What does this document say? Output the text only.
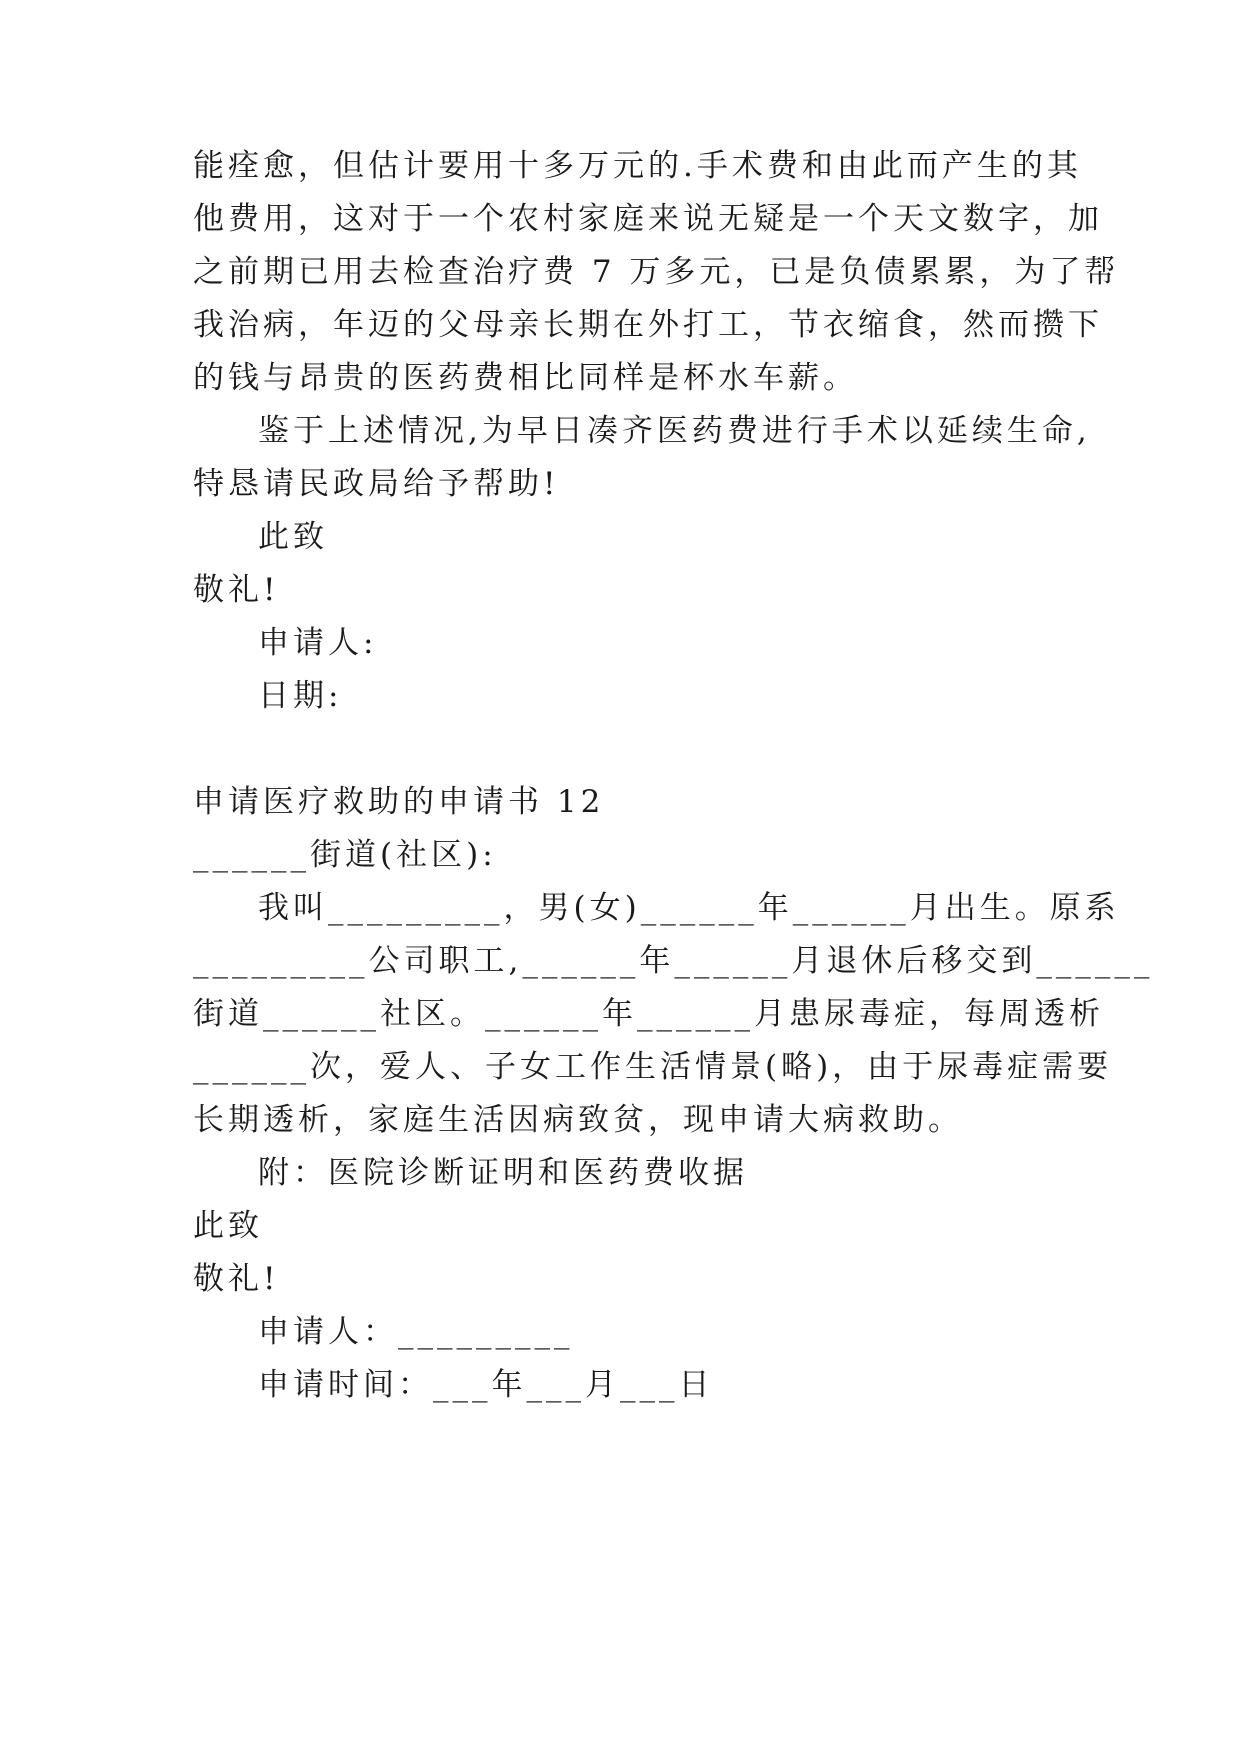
能痊愈，但估计要用十多万元的.手术费和由此而产生的其
他费用，这对于一个农村家庭来说无疑是一个天文数字，加
之前期已用去检查治疗费 7 万多元，已是负债累累，为了帮
我治病，年迈的父母亲长期在外打工，节衣缩食，然而攒下
的钱与昂贵的医药费相比同样是杯水车薪。
鉴于上述情况,为早日凑齐医药费进行手术以延续生命,
特恳请民政局给予帮助!
此致
敬礼!
申请人:
日期:
申请医疗救助的申请书 12
______街道(社区):
我叫_________，男(女)______年______月出生。原系
_________公司职工,______年______月退休后移交到______
街道______社区。______年______月患尿毒症，每周透析
______次，爱人、子女工作生活情景(略)，由于尿毒症需要
长期透析，家庭生活因病致贫，现申请大病救助。
附：医院诊断证明和医药费收据
此致
敬礼!
申请人：_________
申请时间：___年___月___日
